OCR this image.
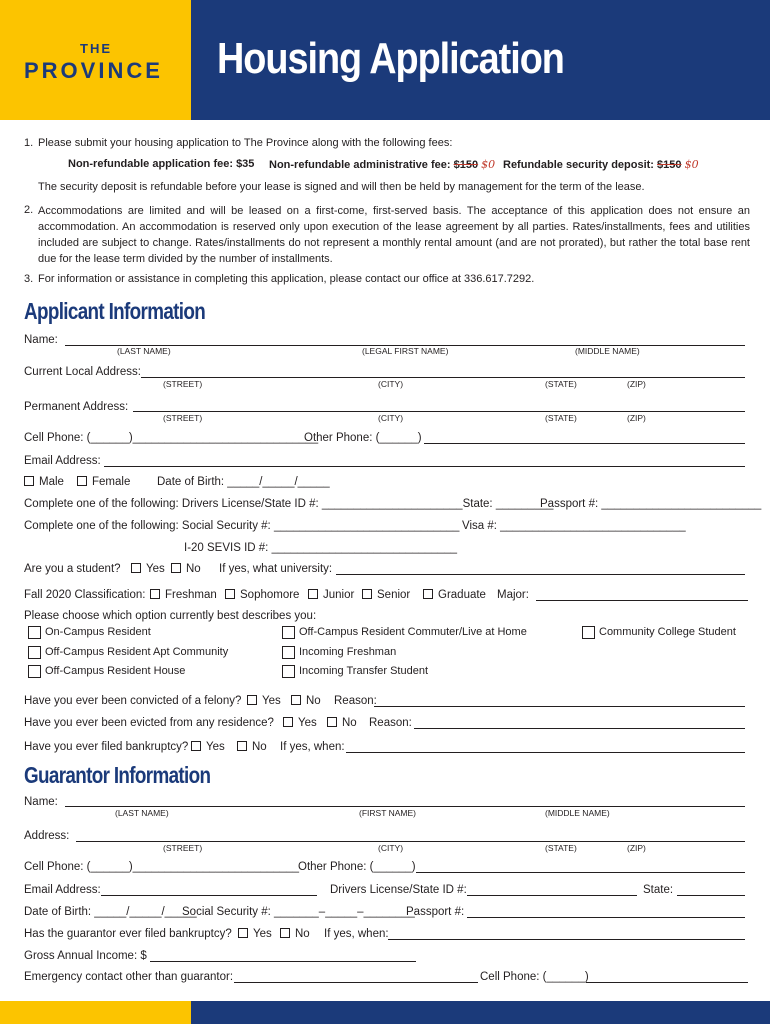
THE
PROVINCE Housing Application
1. Please submit your housing application to The Province along with the following fees:
Non-refundable application fee: $35 Non-refundable administrative fee: $150 $0 Refundable security deposit: $150 $0
The security deposit is refundable before your lease is signed and will then be held by management for the term of the lease.
2. Accommodations are limited and will be leased on a first-come, first-served basis. The acceptance of this application does not ensure an accommodation. An accommodation is reserved only upon execution of the lease agreement by all parties. Rates/installments, fees and utilities included are subject to change. Rates/installments do not represent a monthly rental amount (and are not prorated), but rather the total base rent due for the lease term divided by the number of installments.
3. For information or assistance in completing this application, please contact our office at 336.617.7292.
Applicant Information
Name:
(LAST NAME)	(LEGAL FIRST NAME)	(MIDDLE NAME)
Current Local Address:
(STREET)	(CITY)	(STATE)	(ZIP)
Permanent Address:
(STREET)	(CITY)	(STATE)	(ZIP)
Cell Phone: (______)_____________________________
Other Phone: (______)
Email Address:
Male	Female Date of Birth: _____/_____/_____
Complete one of the following: Drivers License/State ID #: ______________________State: _________
Passport #: _________________________
Complete one of the following: Social Security #: _____________________________ Visa #: _____________________________
I-20 SEVIS ID #: _____________________________
Are you a student?	Yes	No If yes, what university:
Fall 2020 Classification:	Freshman	Sophomore	Junior	Senior	Graduate Major:
Please choose which option currently best describes you:
On-Campus Resident	Off-Campus Resident Commuter/Live at Home	Community College Student
Off-Campus Resident Apt Community	Incoming Freshman
Off-Campus Resident House	Incoming Transfer Student
Have you ever been convicted of a felony?	Yes	No Reason:
Have you ever been evicted from any residence?	Yes	No Reason:
Have you ever filed bankruptcy?	Yes	No If yes, when:
Guarantor Information
Name:
(LAST NAME)	(FIRST NAME)	(MIDDLE NAME)
Address:
(STREET)	(CITY)	(STATE)	(ZIP)
Cell Phone: (______)__________________________ Other Phone: (______)
Email Address:	Drivers License/State ID #:	State:
Date of Birth: _____/_____/_____
Social Security #: _______–_____–________
Passport #:
Has the guarantor ever filed bankruptcy?	Yes	No If yes, when:
Gross Annual Income: $
Emergency contact other than guarantor:	Cell Phone: (______)
